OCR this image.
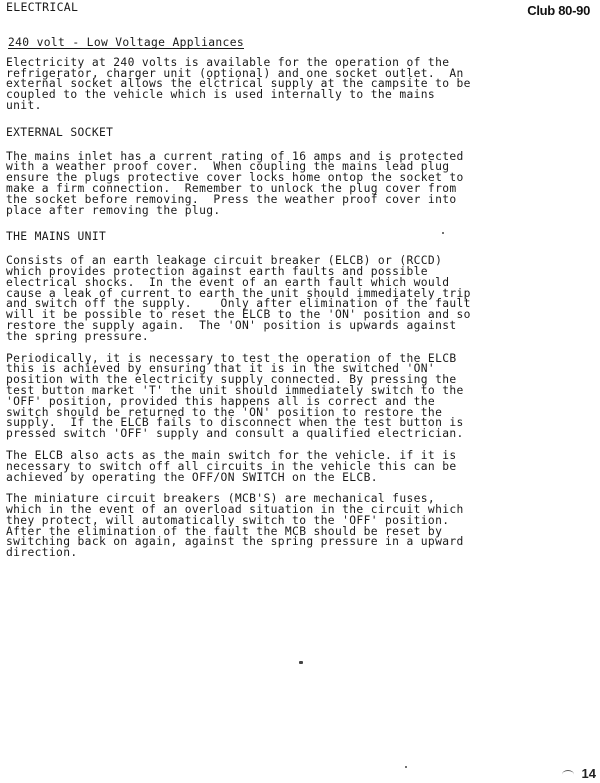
ELECTRICAL	Club 80-90
240 volt - Low Voltage Appliances

Electricity at 240 volts is available for the operation of the

refrigerator, charger unit (optional) and one socket outlet.  An

external socket allows the elctrical supply at the campsite to be

coupled to the vehicle which is used internally to the mains

unit.

EXTERNAL SOCKET

The mains inlet has a current rating of 16 amps and is protected

with a weather proof cover.  When coupling the mains lead plug

ensure the plugs protective cover locks home ontop the socket to

make a firm connection.  Remember to unlock the plug cover from

the socket before removing.  Press the weather proof cover into

place after removing the plug.

THE MAINS UNIT

Consists of an earth leakage circuit breaker (ELCB) or (RCCD)

which provides protection against earth faults and possible

electrical shocks.  In the event of an earth fault which would

cause a leak of current to earth the unit should immediately trip

and switch off the supply.    Only after elimination of the fault

will it be possible to reset the ELCB to the 'ON' position and so

restore the supply again.  The 'ON' position is upwards against

the spring pressure.

Periodically, it is necessary to test the operation of the ELCB

this is achieved by ensuring that it is in the switched 'ON'

position with the electricity supply connected. By pressing the

test button market 'T' the unit should immediately switch to the

'OFF' position, provided this happens all is correct and the

switch should be returned to the 'ON' position to restore the

supply.  If the ELCB fails to disconnect when the test button is

pressed switch 'OFF' supply and consult a qualified electrician.

The ELCB also acts as the main switch for the vehicle. if it is

necessary to switch off all circuits in the vehicle this can be

achieved by operating the OFF/ON SWITCH on the ELCB.

The miniature circuit breakers (MCB'S) are mechanical fuses,

which in the event of an overload situation in the circuit which

they protect, will automatically switch to the 'OFF' position.

After the elimination of the fault the MCB should be reset by

switching back on again, against the spring pressure in a upward

direction.

14
